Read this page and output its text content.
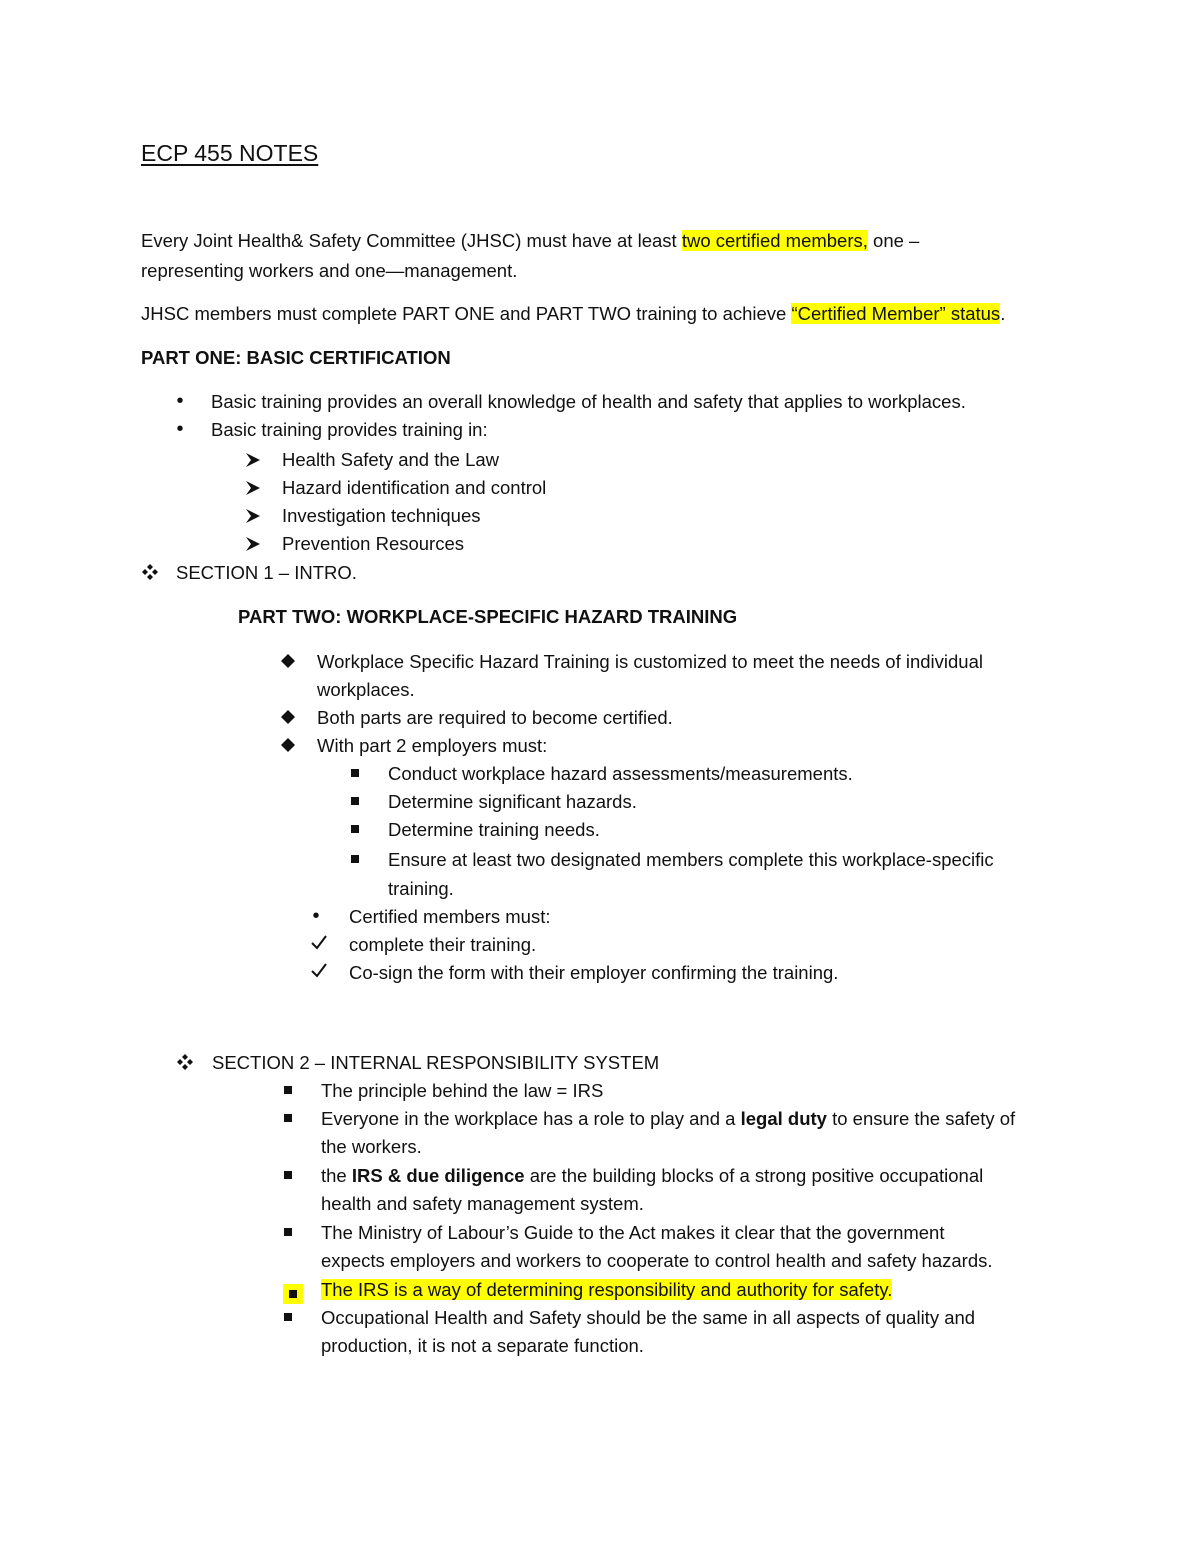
ECP 455 NOTES
Every Joint Health& Safety Committee (JHSC) must have at least two certified members, one –
representing workers and one—management.
JHSC members must complete PART ONE and PART TWO training to achieve “Certified Member” status.
PART ONE: BASIC CERTIFICATION
•	Basic training provides an overall knowledge of health and safety that applies to workplaces.
•	Basic training provides training in:
Health Safety and the Law
Hazard identification and control
Investigation techniques
Prevention Resources
SECTION 1 – INTRO.
PART TWO: WORKPLACE-SPECIFIC HAZARD TRAINING
Workplace Specific Hazard Training is customized to meet the needs of individual
workplaces.
Both parts are required to become certified.
With part 2 employers must:
Conduct workplace hazard assessments/measurements.
Determine significant hazards.
Determine training needs.
Ensure at least two designated members complete this workplace-specific
training.
•	Certified members must:
complete their training.
Co-sign the form with their employer confirming the training.
SECTION 2 – INTERNAL RESPONSIBILITY SYSTEM
The principle behind the law = IRS
Everyone in the workplace has a role to play and a legal duty to ensure the safety of
the workers.
the IRS & due diligence are the building blocks of a strong positive occupational
health and safety management system.
The Ministry of Labour’s Guide to the Act makes it clear that the government
expects employers and workers to cooperate to control health and safety hazards.
The IRS is a way of determining responsibility and authority for safety.
Occupational Health and Safety should be the same in all aspects of quality and
production, it is not a separate function.
